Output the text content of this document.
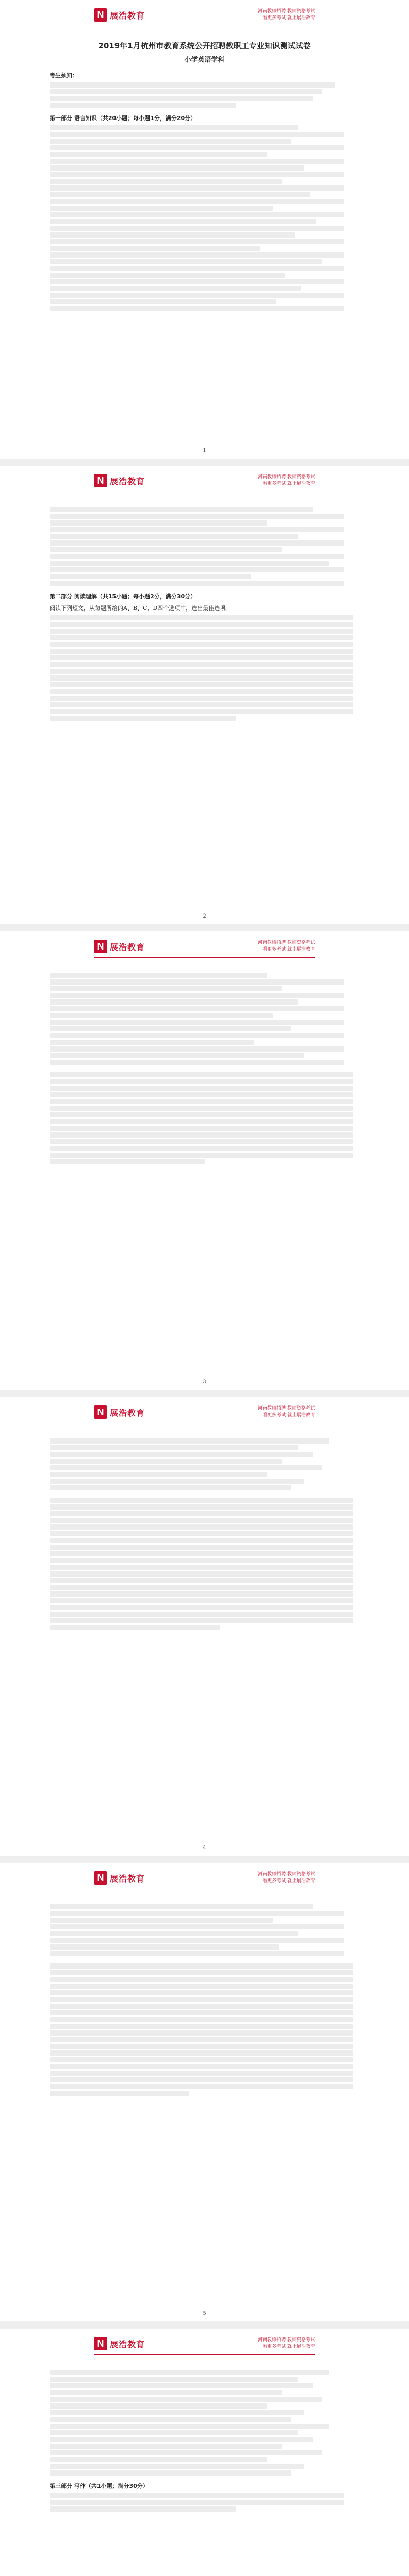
N 展浩教育	河南教师招聘 教师资格考试
看更多考试 就上展浩教育
2019年1月杭州市教育系统公开招聘教职工专业知识测试试卷
小学英语学科
考生须知：
第一部分 语言知识（共20小题；每小题1分，满分20分）
1
N 展浩教育	河南教师招聘 教师资格考试
看更多考试 就上展浩教育
第二部分 阅读理解（共15小题；每小题2分，满分30分）
阅读下列短文，从每题所给的A、B、C、D四个选项中，选出最佳选项。
2
N 展浩教育	河南教师招聘 教师资格考试
看更多考试 就上展浩教育
3
N 展浩教育	河南教师招聘 教师资格考试
看更多考试 就上展浩教育
4
N 展浩教育	河南教师招聘 教师资格考试
看更多考试 就上展浩教育
5
N 展浩教育	河南教师招聘 教师资格考试
看更多考试 就上展浩教育
第三部分 写作（共1小题；满分30分）
